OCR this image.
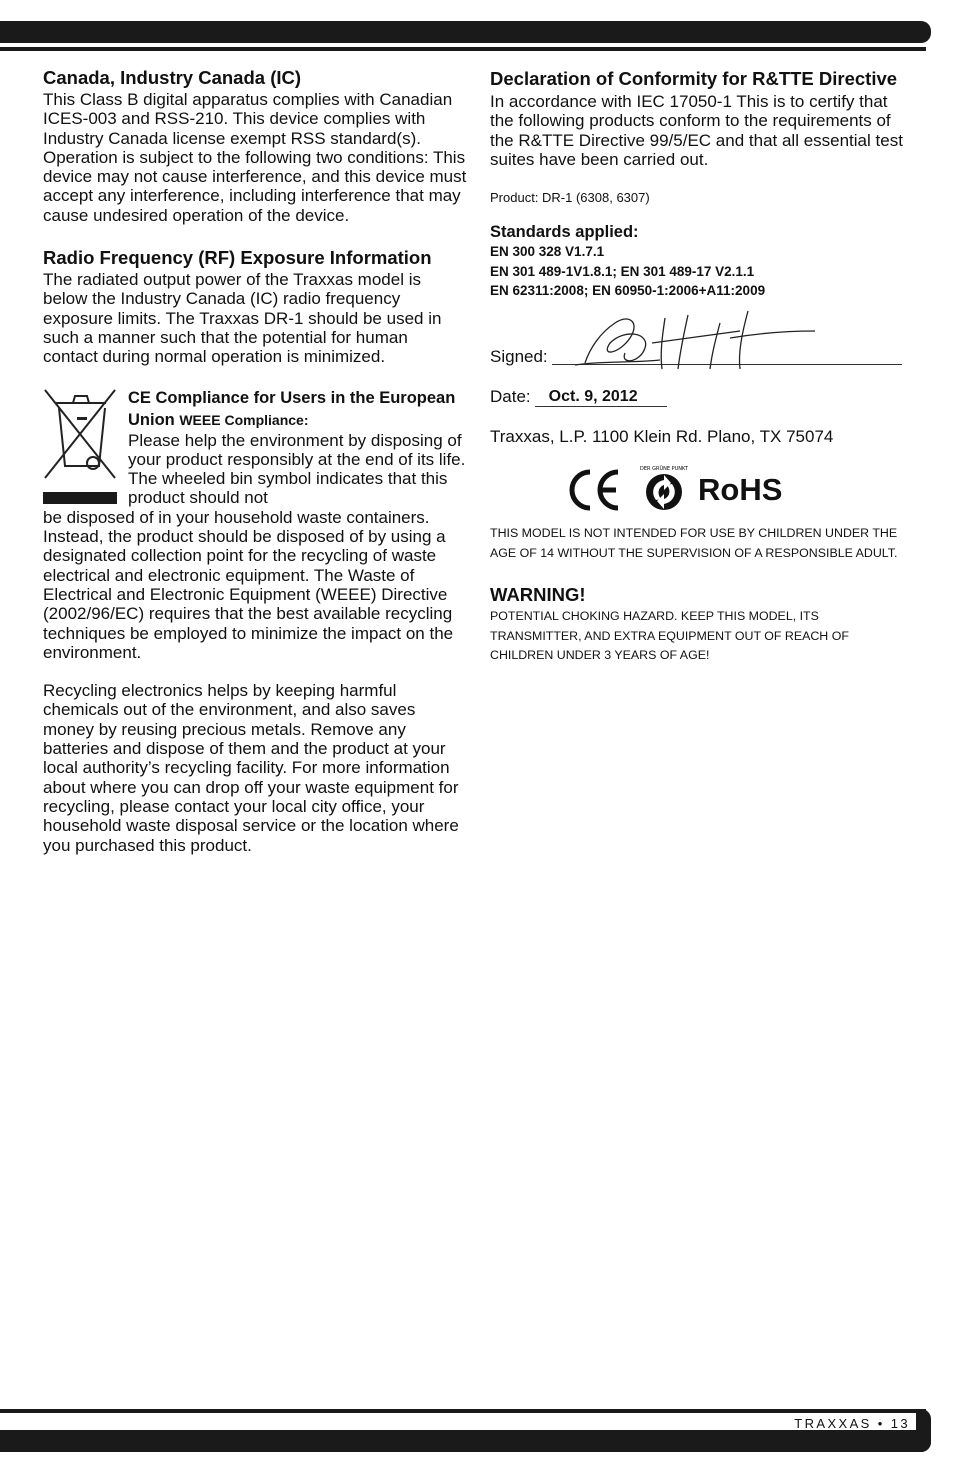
Canada, Industry Canada (IC)

This Class B digital apparatus complies with Canadian ICES-003 and RSS-210. This device complies with Industry Canada license exempt RSS standard(s). Operation is subject to the following two conditions: This device may not cause interference, and this device must accept any interference, including interference that may cause undesired operation of the device.

Radio Frequency (RF) Exposure Information

The radiated output power of the Traxxas model is below the Industry Canada (IC) radio frequency exposure limits. The Traxxas DR-1 should be used in such a manner such that the potential for human contact during normal operation is minimized.

CE Compliance for Users in the European Union WEEE Compliance:

Please help the environment by disposing of your product responsibly at the end of its life. The wheeled bin symbol indicates that this product should not

be disposed of in your household waste containers. Instead, the product should be disposed of by using a designated collection point for the recycling of waste electrical and electronic equipment. The Waste of Electrical and Electronic Equipment (WEEE) Directive (2002/96/EC) requires that the best available recycling techniques be employed to minimize the impact on the environment.

Recycling electronics helps by keeping harmful chemicals out of the environment, and also saves money by reusing precious metals. Remove any batteries and dispose of them and the product at your local authority’s recycling facility. For more information about where you can drop off your waste equipment for recycling, please contact your local city office, your household waste disposal service or the location where you purchased this product.

Declaration of Conformity for R&TTE Directive

In accordance with IEC 17050-1 This is to certify that the following products conform to the requirements of the R&TTE Directive 99/5/EC and that all essential test suites have been carried out.

Product: DR-1 (6308, 6307)

Standards applied:
EN 300 328 V1.7.1
EN 301 489-1V1.8.1; EN 301 489-17 V2.1.1
EN 62311:2008; EN 60950-1:2006+A11:2009
Signed:
Date:	Oct. 9, 2012

Traxxas, L.P. 1100 Klein Rd. Plano, TX 75074

DER GRÜNE PUNKT
RoHS

THIS MODEL IS NOT INTENDED FOR USE BY CHILDREN UNDER THE AGE OF 14 WITHOUT THE SUPERVISION OF A RESPONSIBLE ADULT.

WARNING!

POTENTIAL CHOKING HAZARD. KEEP THIS MODEL, ITS TRANSMITTER, AND EXTRA EQUIPMENT OUT OF REACH OF CHILDREN UNDER 3 YEARS OF AGE!

TRAXXAS • 13
